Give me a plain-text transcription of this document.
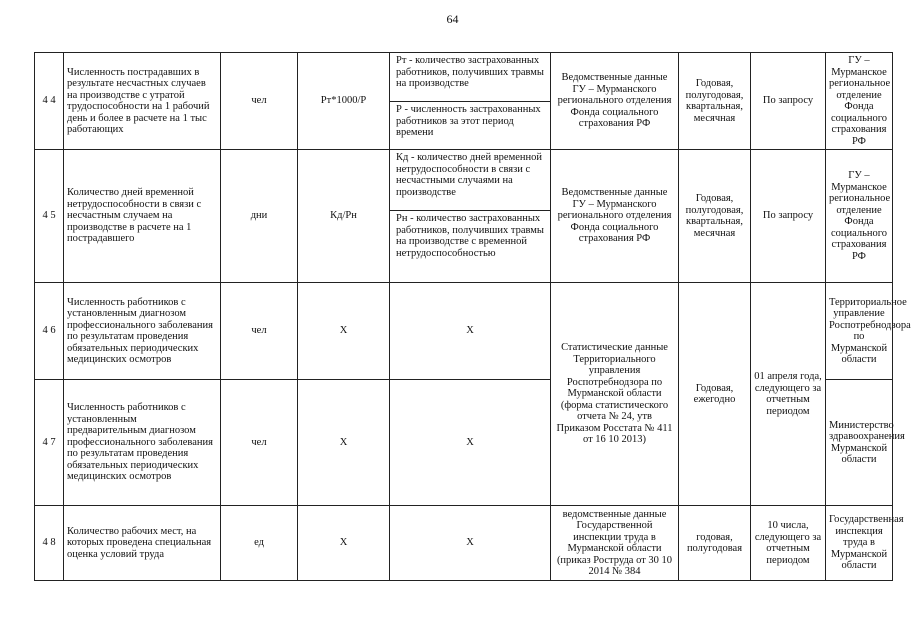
64
4 4	Численность пострадавших в результате несчастных случаев на производстве с утратой трудоспособности на 1 рабочий день и более в расчете на 1 тыс работающих	чел	Рт*1000/Р	Рт - количество застрахованных работников, получивших травмы на производстве
Р - численность застрахованных работников за этот период времени	Ведомственные данные ГУ – Мурманского регионального отделения Фонда социального страхования РФ	Годовая, полугодовая, квартальная, месячная	По запросу	ГУ – Мурманское региональное отделение Фонда социального страхования РФ
4 5	Количество дней временной нетрудоспособности в связи с несчастным случаем на производстве в расчете на 1 пострадавшего	дни	Кд/Рн	Кд - количество дней временной нетрудоспособности в связи с несчастными случаями на производстве
Рн - количество застрахованных работников, получивших травмы на производстве с временной нетрудоспособностью	Ведомственные данные ГУ – Мурманского регионального отделения Фонда социального страхования РФ	Годовая, полугодовая, квартальная, месячная	По запросу	ГУ – Мурманское региональное отделение Фонда социального страхования РФ
4 6	Численность работников с установленным диагнозом профессионального заболевания по результатам проведения обязательных периодических медицинских осмотров	чел	Х	Х	Статистические данные Территориального управления Роспотребнодзора по Мурманской области (форма статистического отчета № 24, утв Приказом Росстата № 411 от 16 10 2013)	Годовая, ежегодно	01 апреля года, следующего за отчетным периодом	Территориальное управление Роспотребнодзора по Мурманской области
4 7	Численность работников с установленным предварительным диагнозом профессионального заболевания по результатам проведения обязательных периодических медицинских осмотров	чел	Х	Х				Министерство здравоохранения Мурманской области
4 8	Количество рабочих мест, на которых проведена специальная оценка условий труда	ед	Х	Х	ведомственные данные Государственной инспекции труда в Мурманской области (приказ Роструда от 30 10 2014 № 384	годовая, полугодовая	10 числа, следующего за отчетным периодом	Государственная инспекция труда в Мурманской области
